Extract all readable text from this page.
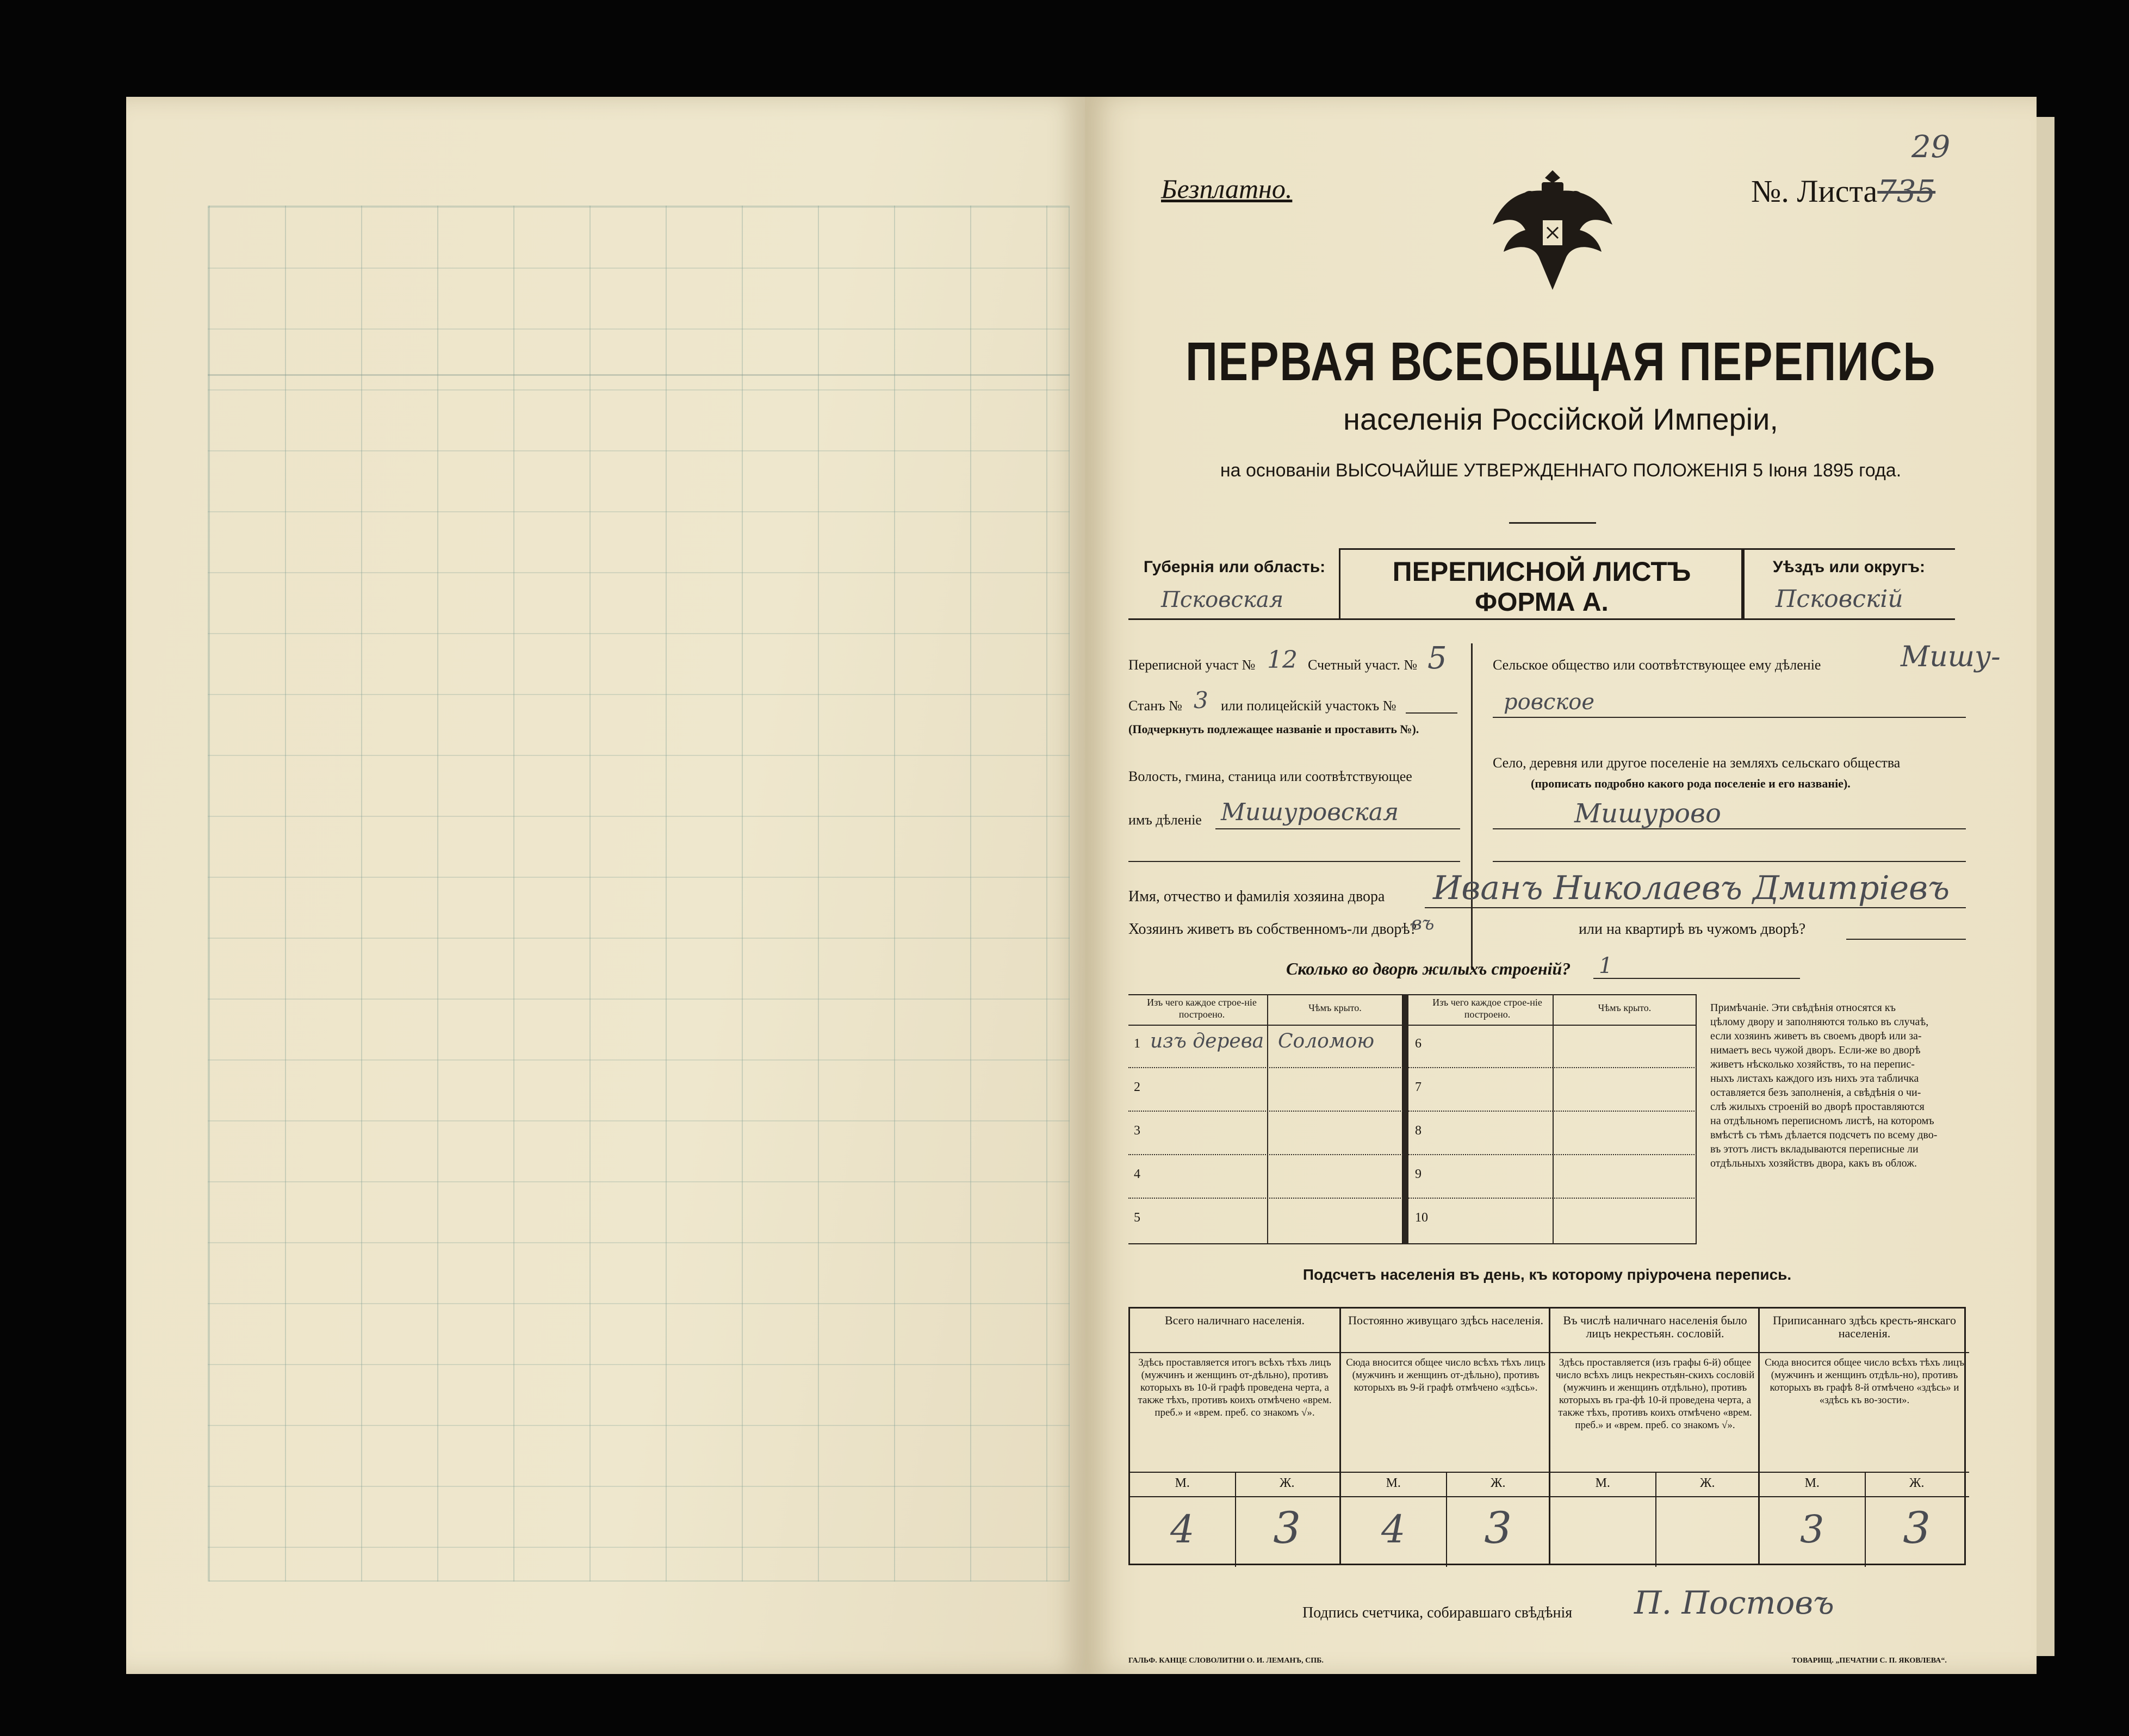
29
Безплатно.	№. Листа735
ПЕРВАЯ ВСЕОБЩАЯ ПЕРЕПИСЬ
населенія Россійской Имперіи,
на основаніи ВЫСОЧАЙШЕ УТВЕРЖДЕННАГО ПОЛОЖЕНІЯ 5 Іюня 1895 года.
Губернія или область:
Псковская
ПЕРЕПИСНОЙ ЛИСТЪ
ФОРМА А.
Уѣздъ или округъ:
Псковскій
Переписной участ № 12 Счетный участ. № 5
Станъ № 3 или полицейскій участокъ №
(Подчеркнуть подлежащее названіе и проставить №).
Волость, гмина, станица или соотвѣтствующее
имъ дѣленіе Мишуровская
Сельское общество или соотвѣтствующее ему дѣленіе	Мишу-
ровское
Село, деревня или другое поселеніе на земляхъ сельскаго общества
(прописать подробно какого рода поселеніе и его названіе).
Мишурово
Имя, отчество и фамилія хозяина двора Иванъ Николаевъ Дмитріевъ
Хозяинъ живетъ въ собственномъ-ли дворѣ?
въ	или на квартирѣ въ чужомъ дворѣ?
Сколько во дворѣ жилыхъ строеній? 1
Изъ чего каждое строе-ніе построено.
Чѣмъ крыто.
1 изъ дерева Соломою
2
3
4
5
Изъ чего каждое строе-ніе построено.
Чѣмъ крыто.
6
7
8
9
10
Примѣчаніе. Эти свѣдѣнія относятся къ
цѣлому двору и заполняются только въ случаѣ,
если хозяинъ живетъ въ своемъ дворѣ или за-
нимаетъ весь чужой дворъ. Если-же во дворѣ
живетъ нѣсколько хозяйствъ, то на перепис-
ныхъ листахъ каждого изъ нихъ эта табличка
оставляется безъ заполненія, а свѣдѣнія о чи-
слѣ жилыхъ строеній во дворѣ проставляются
на отдѣльномъ переписномъ листѣ, на которомъ
вмѣстѣ съ тѣмъ дѣлается подсчетъ по всему дво-
въ этотъ листъ вкладываются переписные ли
отдѣльныхъ хозяйствъ двора, какъ въ облож.
Подсчетъ населенія въ день, къ которому пріурочена перепись.
Всего наличнаго населенія.
Здѣсь проставляется итогъ всѣхъ тѣхъ лицъ (мужчинъ и женщинъ от-дѣльно), противъ которыхъ въ 10-й графѣ проведена черта, а также тѣхъ, противъ коихъ отмѣчено «врем. преб.» и «врем. преб. со знакомъ √».
М.	Ж.
4	3
Постоянно живущаго здѣсь населенія.
Сюда вносится общее число всѣхъ тѣхъ лицъ (мужчинъ и женщинъ от-дѣльно), противъ которыхъ въ 9-й графѣ отмѣчено «здѣсь».
М.	Ж.
4	3
Въ числѣ наличнаго населенія было лицъ некрестьян. сословій.
Здѣсь проставляется (изъ графы 6-й) общее число всѣхъ лицъ некрестьян-скихъ сословій (мужчинъ и женщинъ отдѣльно), противъ которыхъ въ гра-фѣ 10-й проведена черта, а также тѣхъ, противъ коихъ отмѣчено «врем. преб.» и «врем. преб. со знакомъ √».
М.	Ж.
Приписаннаго здѣсь кресть-янскаго населенія.
Сюда вносится общее число всѣхъ тѣхъ лицъ (мужчинъ и женщинъ отдѣль-но), противъ которыхъ въ графѣ 8-й отмѣчено «здѣсь» и «здѣсь къ во-зости».
М.	Ж.
3	3
Подпись счетчика, собиравшаго свѣдѣнія П. Постовъ
ГАЛЬФ. КАНЦЕ СЛОВОЛИТНИ О. И. ЛЕМАНЪ, СПБ.	ТОВАРИЩ. „ПЕЧАТНИ С. П. ЯКОВЛЕВА“.
